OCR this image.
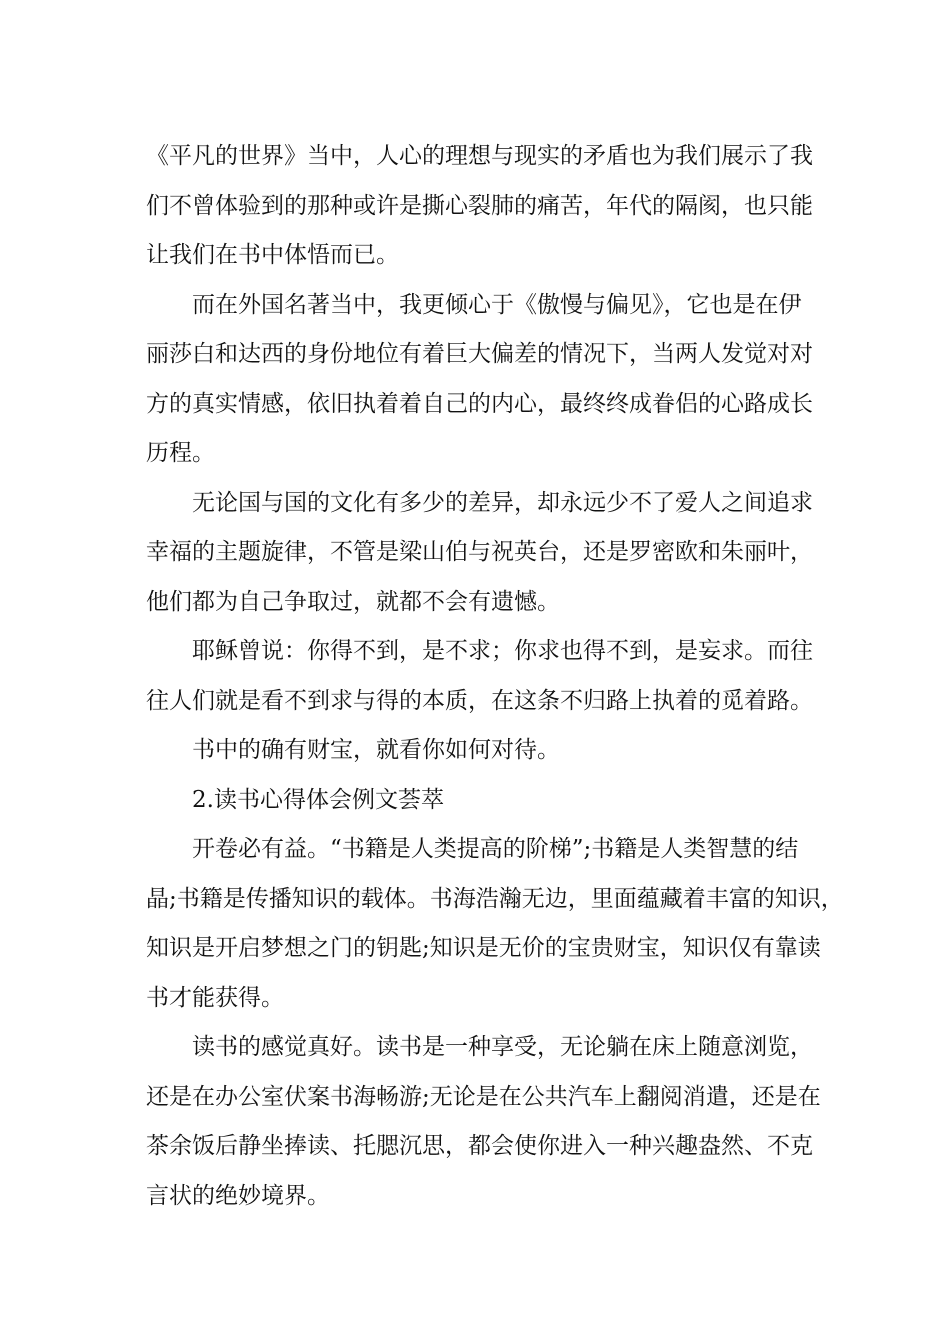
《平凡的世界》当中，人心的理想与现实的矛盾也为我们展示了我
们不曾体验到的那种或许是撕心裂肺的痛苦，年代的隔阂，也只能
让我们在书中体悟而已。
而在外国名著当中，我更倾心于《傲慢与偏见》，它也是在伊
丽莎白和达西的身份地位有着巨大偏差的情况下，当两人发觉对对
方的真实情感，依旧执着着自己的内心，最终终成眷侣的心路成长
历程。
无论国与国的文化有多少的差异，却永远少不了爱人之间追求
幸福的主题旋律，不管是梁山伯与祝英台，还是罗密欧和朱丽叶，
他们都为自己争取过，就都不会有遗憾。
耶稣曾说：你得不到，是不求；你求也得不到，是妄求。而往
往人们就是看不到求与得的本质，在这条不归路上执着的觅着路。
书中的确有财宝，就看你如何对待。
2.读书心得体会例文荟萃
开卷必有益。“书籍是人类提高的阶梯”;书籍是人类智慧的结
晶;书籍是传播知识的载体。书海浩瀚无边，里面蕴藏着丰富的知识，
知识是开启梦想之门的钥匙;知识是无价的宝贵财宝，知识仅有靠读
书才能获得。
读书的感觉真好。读书是一种享受，无论躺在床上随意浏览，
还是在办公室伏案书海畅游;无论是在公共汽车上翻阅消遣，还是在
茶余饭后静坐捧读、托腮沉思，都会使你进入一种兴趣盎然、不克
言状的绝妙境界。
